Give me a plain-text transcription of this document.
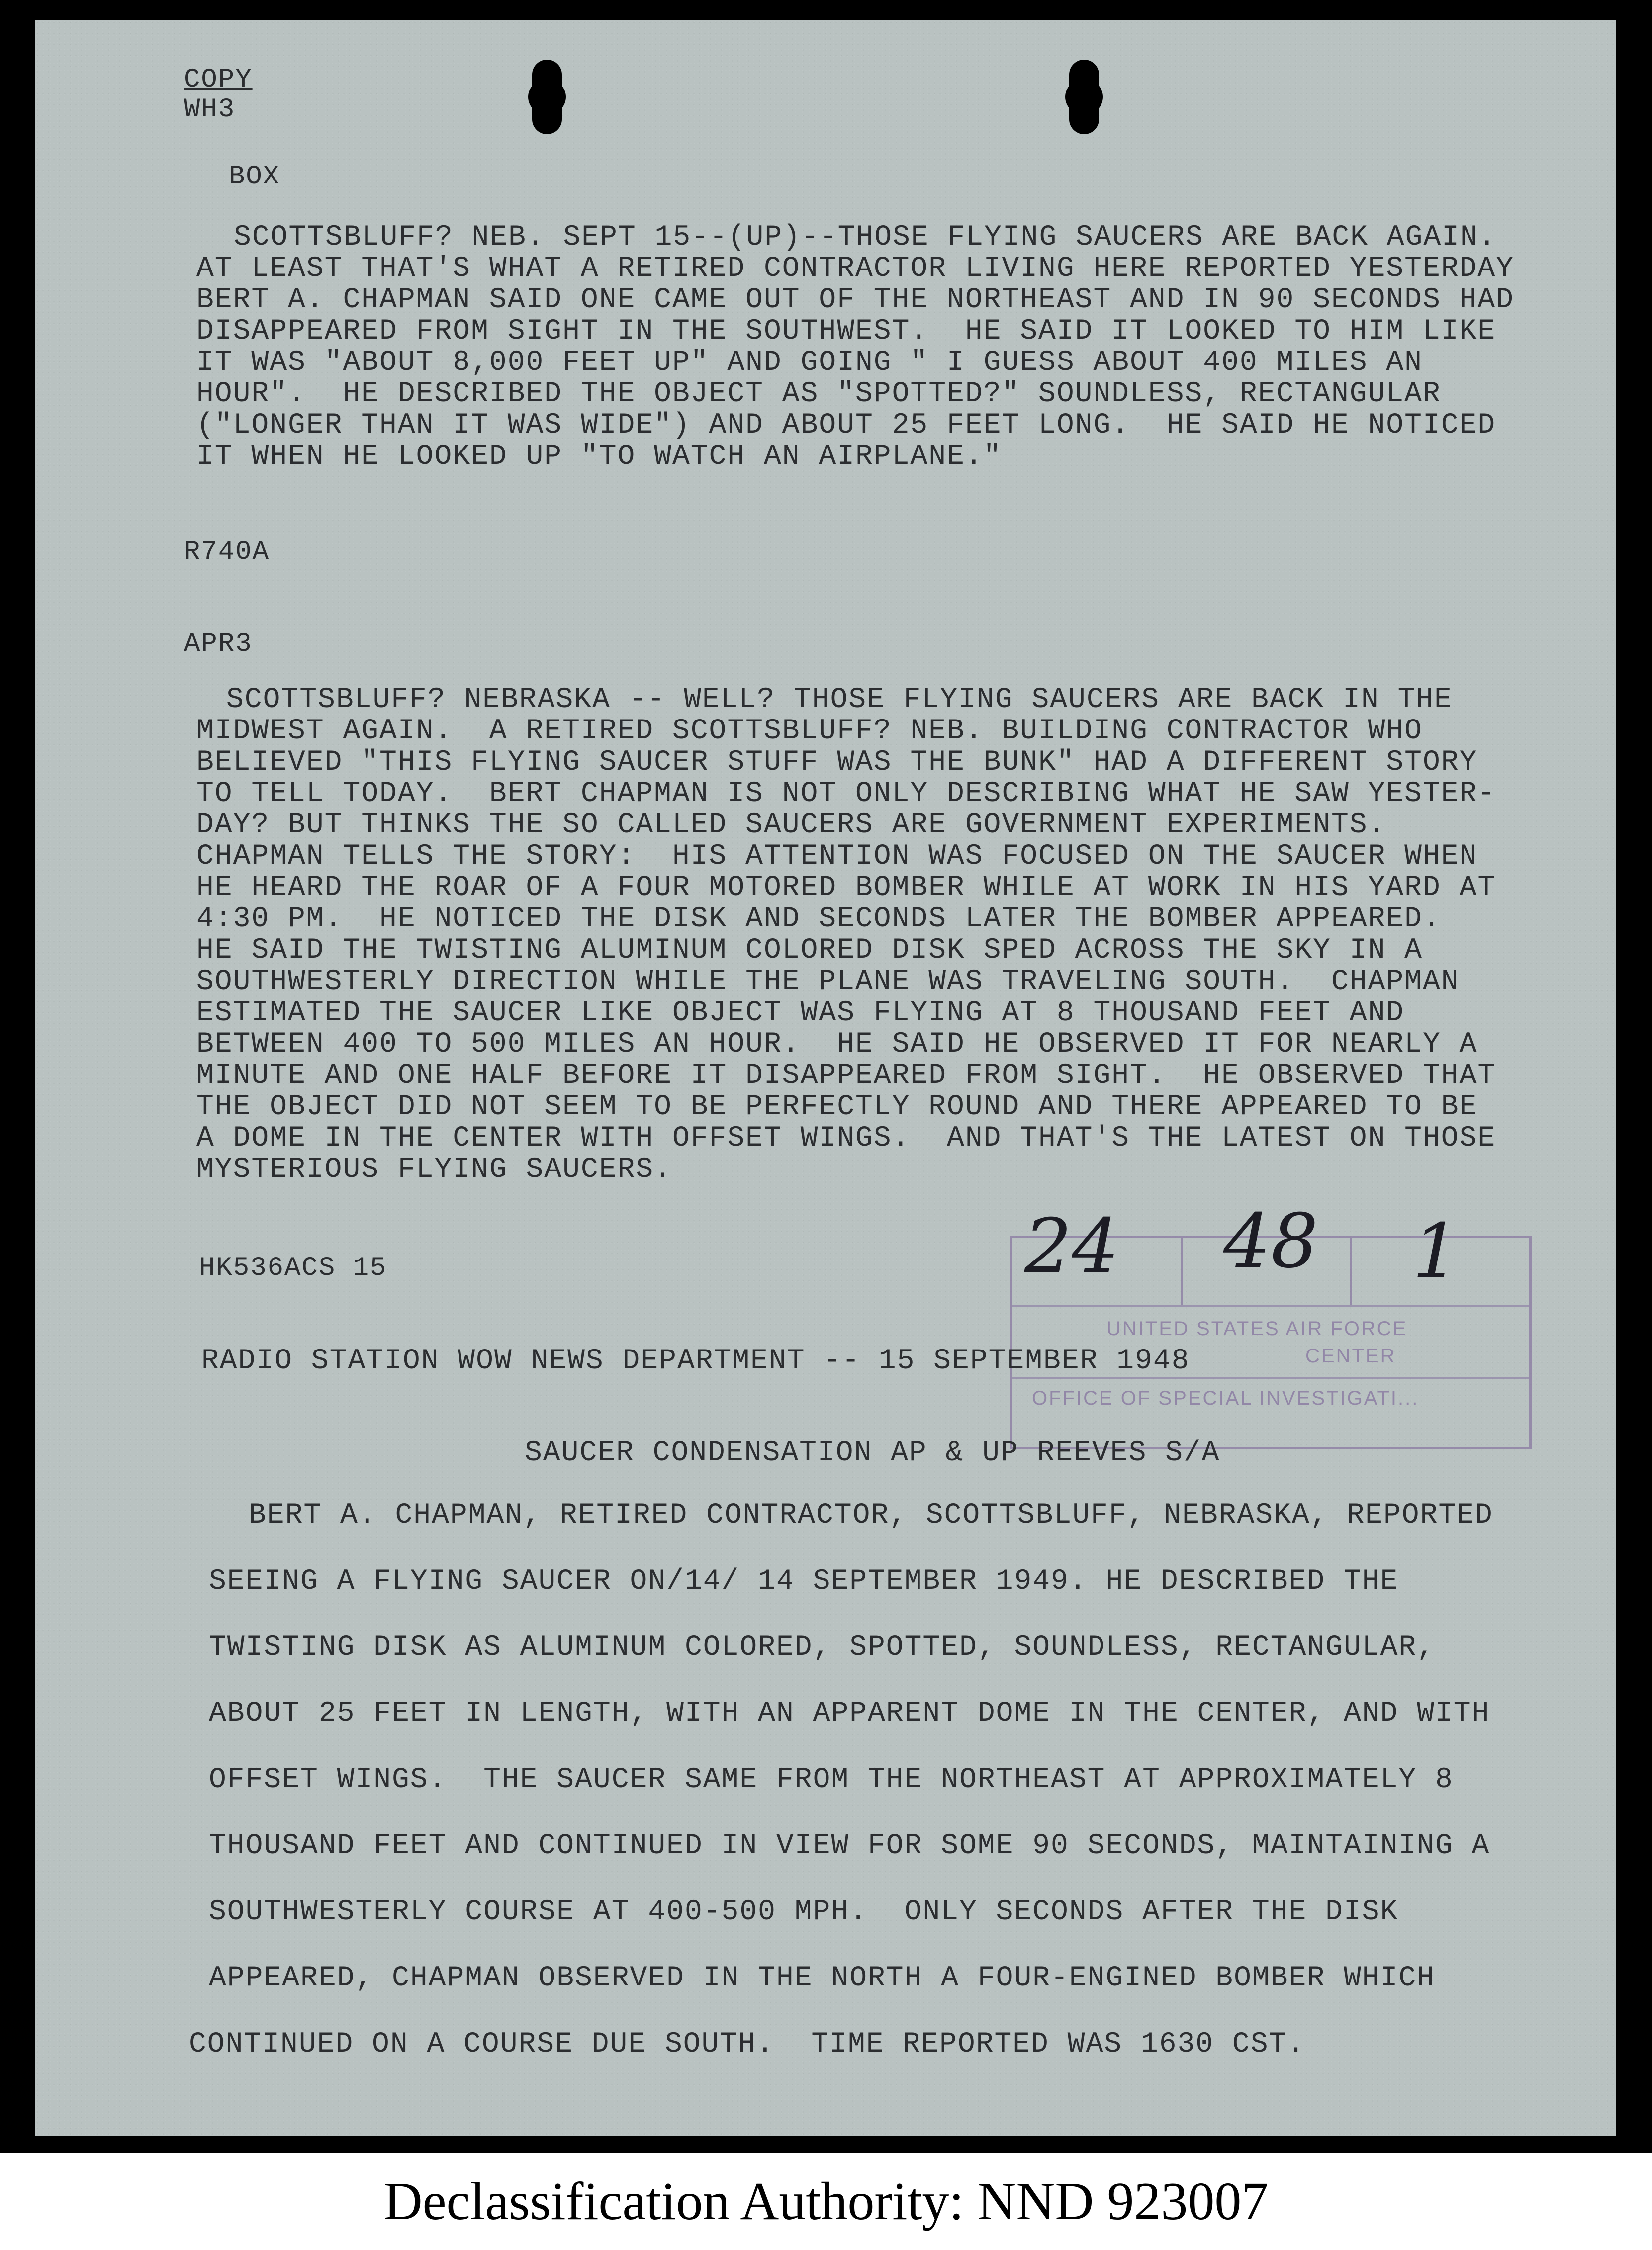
COPY
WH3
BOX
SCOTTSBLUFF? NEB. SEPT 15--(UP)--THOSE FLYING SAUCERS ARE BACK AGAIN.
AT LEAST THAT'S WHAT A RETIRED CONTRACTOR LIVING HERE REPORTED YESTERDAY
BERT A. CHAPMAN SAID ONE CAME OUT OF THE NORTHEAST AND IN 90 SECONDS HAD
DISAPPEARED FROM SIGHT IN THE SOUTHWEST.  HE SAID IT LOOKED TO HIM LIKE
IT WAS "ABOUT 8,000 FEET UP" AND GOING " I GUESS ABOUT 400 MILES AN
HOUR".  HE DESCRIBED THE OBJECT AS "SPOTTED?" SOUNDLESS, RECTANGULAR
("LONGER THAN IT WAS WIDE") AND ABOUT 25 FEET LONG.  HE SAID HE NOTICED
IT WHEN HE LOOKED UP "TO WATCH AN AIRPLANE."
R740A
APR3
SCOTTSBLUFF? NEBRASKA -- WELL? THOSE FLYING SAUCERS ARE BACK IN THE
MIDWEST AGAIN.  A RETIRED SCOTTSBLUFF? NEB. BUILDING CONTRACTOR WHO
BELIEVED "THIS FLYING SAUCER STUFF WAS THE BUNK" HAD A DIFFERENT STORY
TO TELL TODAY.  BERT CHAPMAN IS NOT ONLY DESCRIBING WHAT HE SAW YESTER-
DAY? BUT THINKS THE SO CALLED SAUCERS ARE GOVERNMENT EXPERIMENTS.
CHAPMAN TELLS THE STORY:  HIS ATTENTION WAS FOCUSED ON THE SAUCER WHEN
HE HEARD THE ROAR OF A FOUR MOTORED BOMBER WHILE AT WORK IN HIS YARD AT
4:30 PM.  HE NOTICED THE DISK AND SECONDS LATER THE BOMBER APPEARED.
HE SAID THE TWISTING ALUMINUM COLORED DISK SPED ACROSS THE SKY IN A
SOUTHWESTERLY DIRECTION WHILE THE PLANE WAS TRAVELING SOUTH.  CHAPMAN
ESTIMATED THE SAUCER LIKE OBJECT WAS FLYING AT 8 THOUSAND FEET AND
BETWEEN 400 TO 500 MILES AN HOUR.  HE SAID HE OBSERVED IT FOR NEARLY A
MINUTE AND ONE HALF BEFORE IT DISAPPEARED FROM SIGHT.  HE OBSERVED THAT
THE OBJECT DID NOT SEEM TO BE PERFECTLY ROUND AND THERE APPEARED TO BE
A DOME IN THE CENTER WITH OFFSET WINGS.  AND THAT'S THE LATEST ON THOSE
MYSTERIOUS FLYING SAUCERS.
HK536ACS 15
UNITED STATES AIR FORCE
CENTER
OFFICE OF SPECIAL INVESTIGATI...
24 48 1
RADIO STATION WOW NEWS DEPARTMENT -- 15 SEPTEMBER 1948
SAUCER CONDENSATION AP & UP REEVES S/A
BERT A. CHAPMAN, RETIRED CONTRACTOR, SCOTTSBLUFF, NEBRASKA, REPORTED
SEEING A FLYING SAUCER ON/14/ 14 SEPTEMBER 1949. HE DESCRIBED THE
TWISTING DISK AS ALUMINUM COLORED, SPOTTED, SOUNDLESS, RECTANGULAR,
ABOUT 25 FEET IN LENGTH, WITH AN APPARENT DOME IN THE CENTER, AND WITH
OFFSET WINGS.  THE SAUCER SAME FROM THE NORTHEAST AT APPROXIMATELY 8
THOUSAND FEET AND CONTINUED IN VIEW FOR SOME 90 SECONDS, MAINTAINING A
SOUTHWESTERLY COURSE AT 400-500 MPH.  ONLY SECONDS AFTER THE DISK
APPEARED, CHAPMAN OBSERVED IN THE NORTH A FOUR-ENGINED BOMBER WHICH
CONTINUED ON A COURSE DUE SOUTH.  TIME REPORTED WAS 1630 CST.
Declassification Authority: NND 923007
